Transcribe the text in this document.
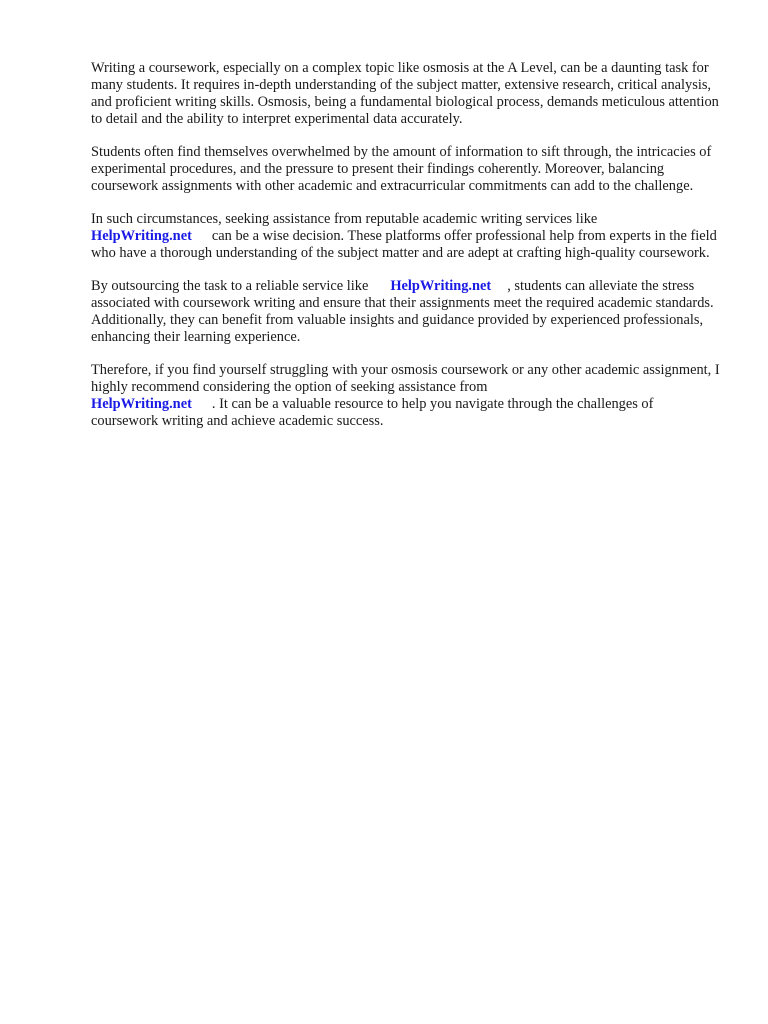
Writing a coursework, especially on a complex topic like osmosis at the A Level, can be a daunting task for many students. It requires in-depth understanding of the subject matter, extensive research, critical analysis, and proficient writing skills. Osmosis, being a fundamental biological process, demands meticulous attention to detail and the ability to interpret experimental data accurately.

Students often find themselves overwhelmed by the amount of information to sift through, the intricacies of experimental procedures, and the pressure to present their findings coherently. Moreover, balancing coursework assignments with other academic and extracurricular commitments can add to the challenge.

In such circumstances, seeking assistance from reputable academic writing services like
HelpWriting.net can be a wise decision. These platforms offer professional help from experts in the field who have a thorough understanding of the subject matter and are adept at crafting high-quality coursework.

By outsourcing the task to a reliable service like HelpWriting.net , students can alleviate the stress associated with coursework writing and ensure that their assignments meet the required academic standards. Additionally, they can benefit from valuable insights and guidance provided by experienced professionals, enhancing their learning experience.

Therefore, if you find yourself struggling with your osmosis coursework or any other academic assignment, I highly recommend considering the option of seeking assistance from
HelpWriting.net . It can be a valuable resource to help you navigate through the challenges of coursework writing and achieve academic success.
